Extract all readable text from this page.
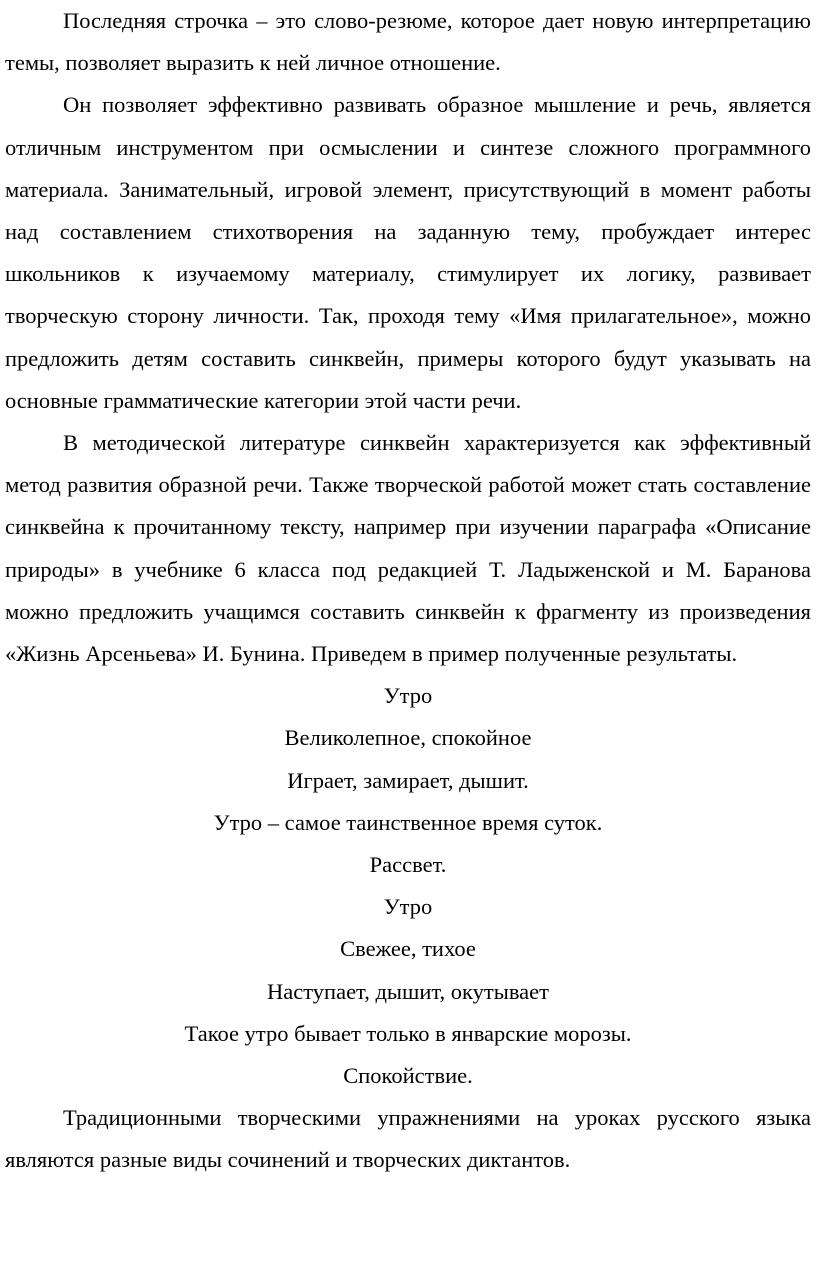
Последняя строчка – это слово-резюме, которое дает новую интерпретацию темы, позволяет выразить к ней личное отношение.

Он позволяет эффективно развивать образное мышление и речь, является отличным инструментом при осмыслении и синтезе сложного программного материала. Занимательный, игровой элемент, присутствующий в момент работы над составлением стихотворения на заданную тему, пробуждает интерес школьников к изучаемому материалу, стимулирует их логику, развивает творческую сторону личности. Так, проходя тему «Имя прилагательное», можно предложить детям составить синквейн, примеры которого будут указывать на основные грамматические категории этой части речи.

В методической литературе синквейн характеризуется как эффективный метод развития образной речи. Также творческой работой может стать составление синквейна к прочитанному тексту, например при изучении параграфа «Описание природы» в учебнике 6 класса под редакцией Т. Ладыженской и М. Баранова можно предложить учащимся составить синквейн к фрагменту из произведения «Жизнь Арсеньева» И. Бунина. Приведем в пример полученные результаты.

Утро
Великолепное, спокойное
Играет, замирает, дышит.
Утро – самое таинственное время суток.
Рассвет.
Утро
Свежее, тихое
Наступает, дышит, окутывает
Такое утро бывает только в январские морозы.
Спокойствие.

Традиционными творческими упражнениями на уроках русского языка являются разные виды сочинений и творческих диктантов.
